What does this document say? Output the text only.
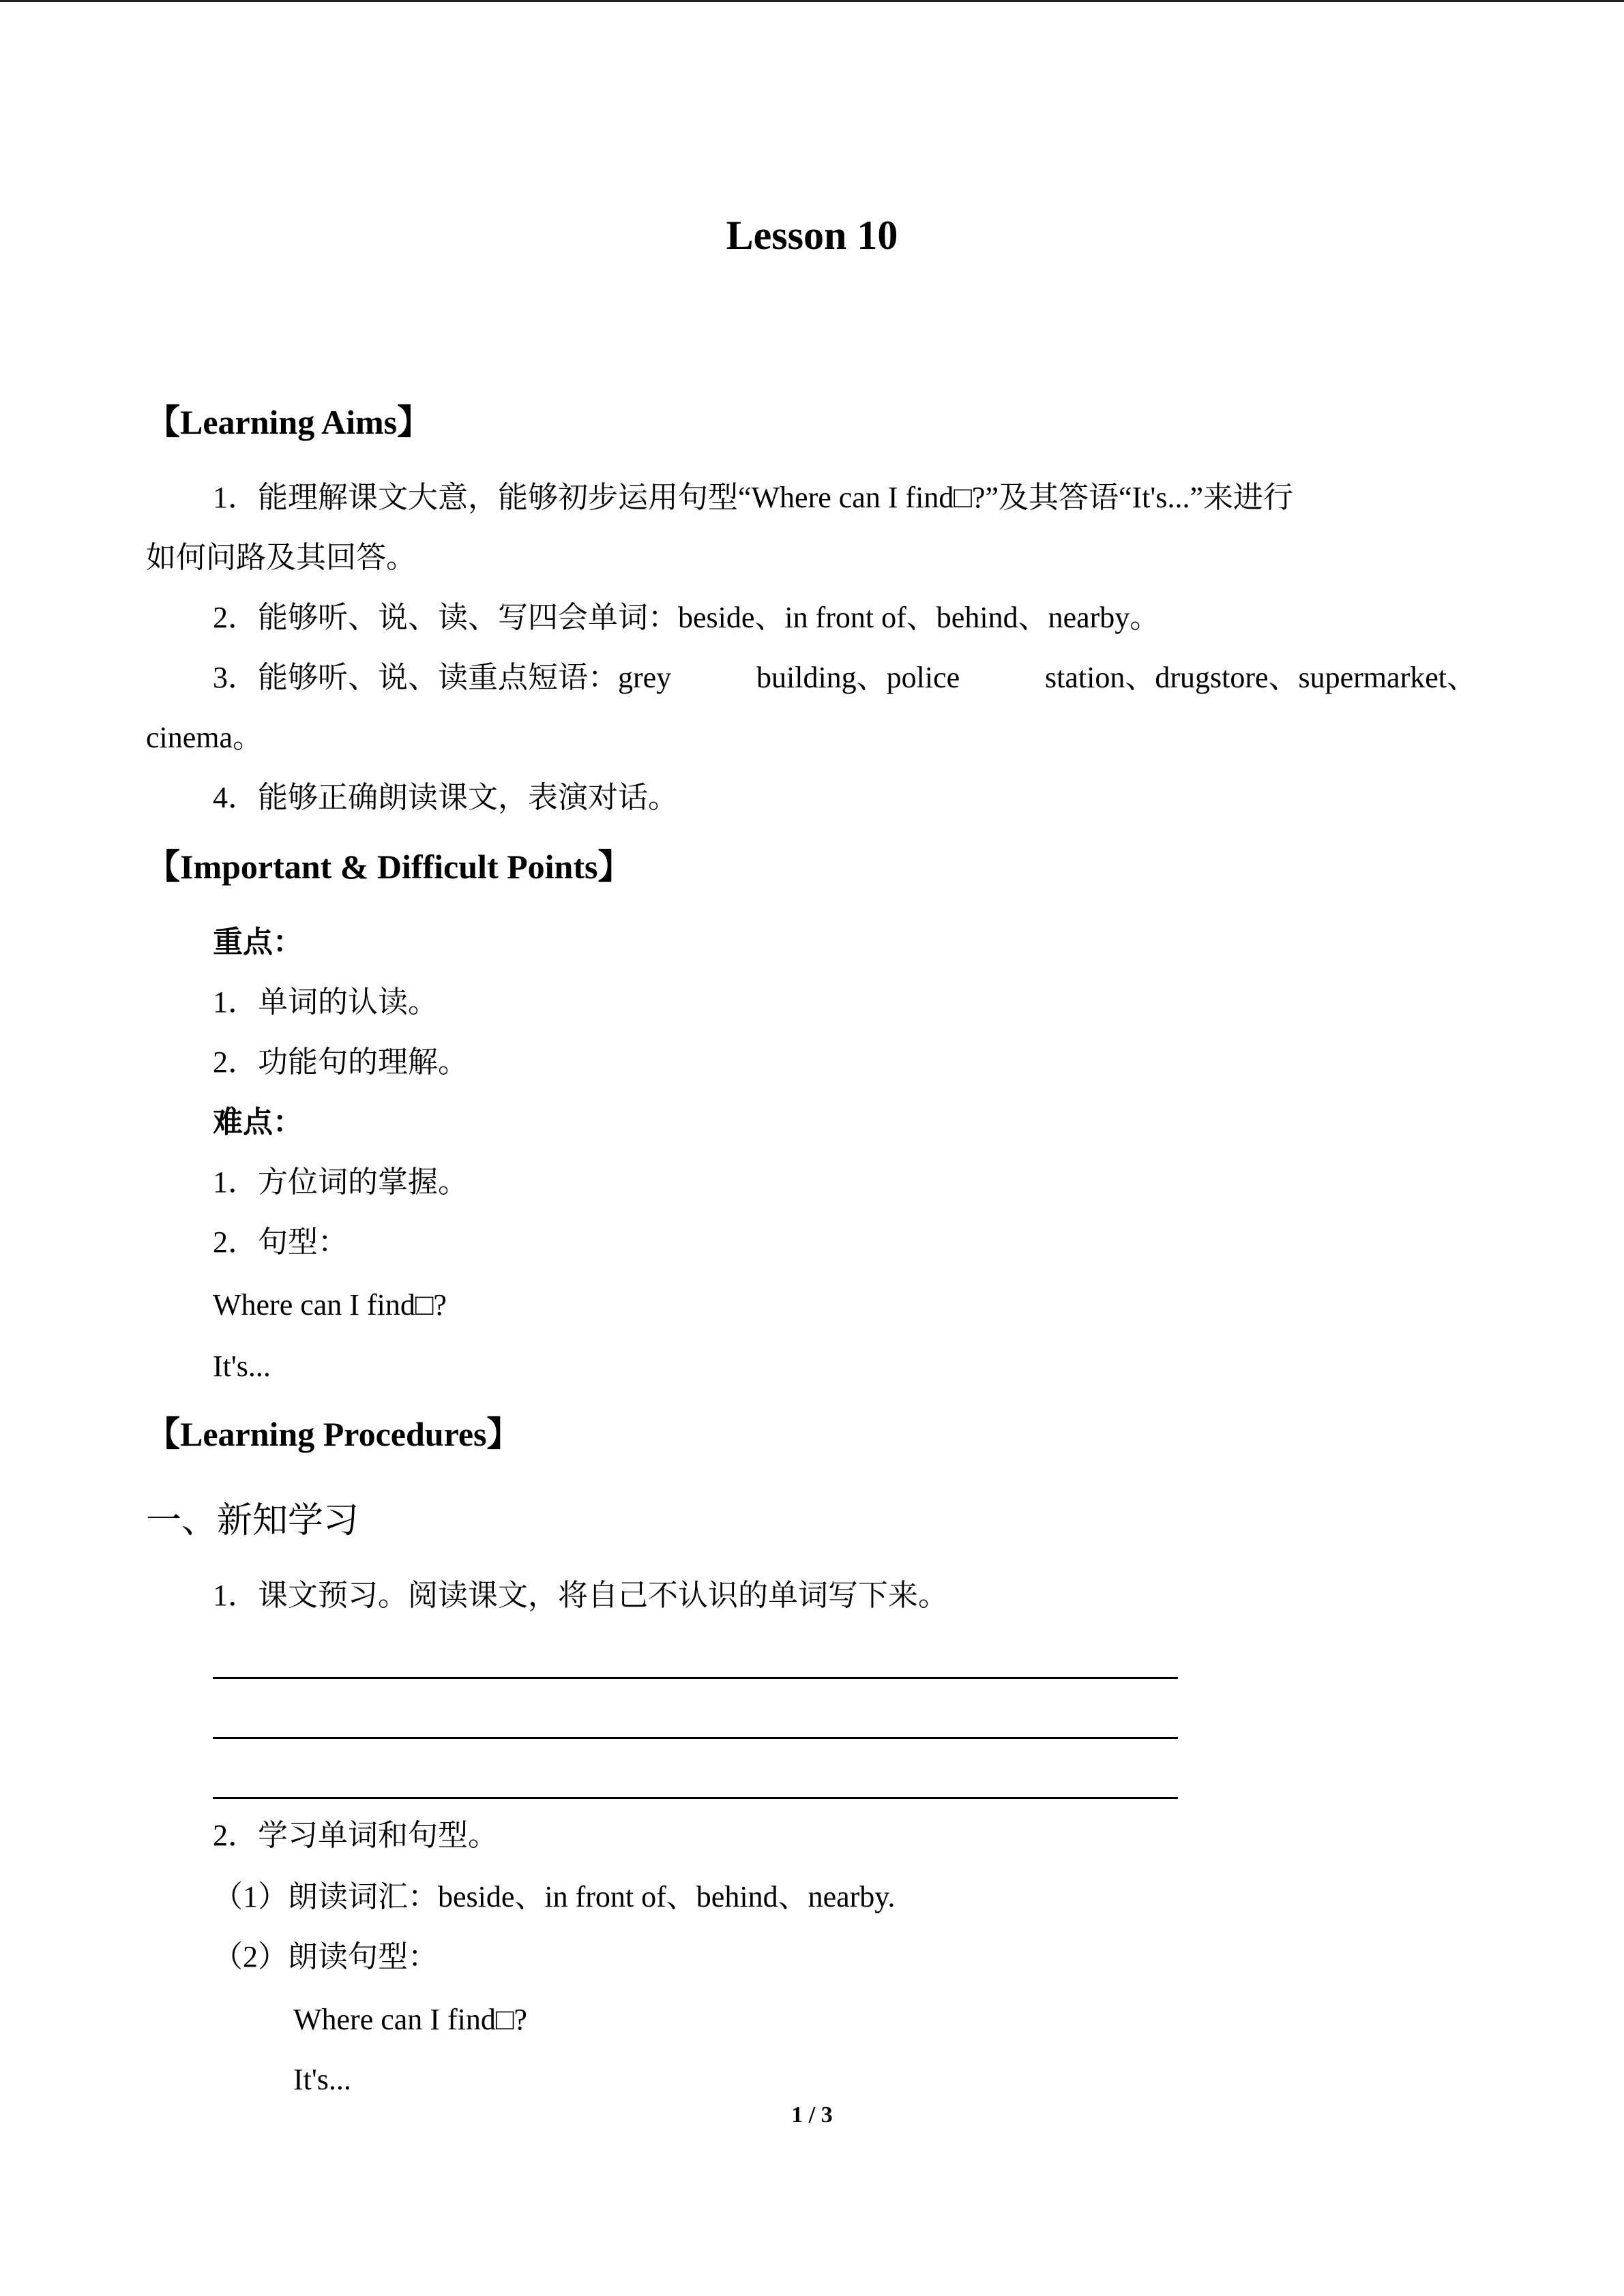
Lesson 10
【Learning Aims】
1．能理解课文大意，能够初步运用句型“Where can I find□?”及其答语“It's...”来进行
如何问路及其回答。
2．能够听、说、读、写四会单词：beside、in front of、behind、nearby。
3．能够听、说、读重点短语：grey	building、police	station、drugstore、supermarket、
cinema。
4．能够正确朗读课文，表演对话。
【Important & Difficult Points】
重点：
1．单词的认读。
2．功能句的理解。
难点：
1．方位词的掌握。
2．句型：
Where can I find□?
It's...
【Learning Procedures】
一、新知学习
1．课文预习。阅读课文，将自己不认识的单词写下来。
2．学习单词和句型。
（1）朗读词汇：beside、in front of、behind、nearby.
（2）朗读句型：
Where can I find□?
It's...
1 / 3
